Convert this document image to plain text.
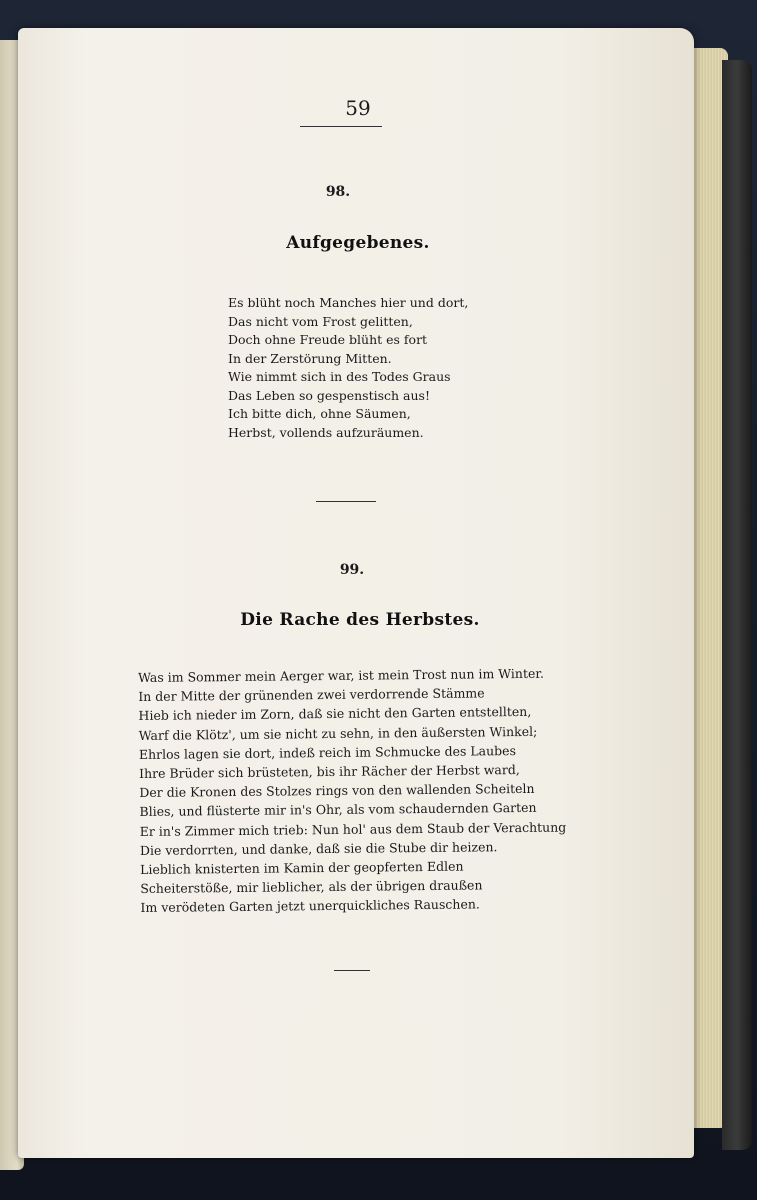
59
98.
Aufgegebenes.
Es blüht noch Manches hier und dort,
Das nicht vom Frost gelitten,
Doch ohne Freude blüht es fort
In der Zerstörung Mitten.
Wie nimmt sich in des Todes Graus
Das Leben so gespenstisch aus!
Ich bitte dich, ohne Säumen,
Herbst, vollends aufzuräumen.
99.
Die Rache des Herbstes.
Was im Sommer mein Aerger war, ist mein Trost nun im Winter.
In der Mitte der grünenden zwei verdorrende Stämme
Hieb ich nieder im Zorn, daß sie nicht den Garten entstellten,
Warf die Klötz', um sie nicht zu sehn, in den äußersten Winkel;
Ehrlos lagen sie dort, indeß reich im Schmucke des Laubes
Ihre Brüder sich brüsteten, bis ihr Rächer der Herbst ward,
Der die Kronen des Stolzes rings von den wallenden Scheiteln
Blies, und flüsterte mir in's Ohr, als vom schaudernden Garten
Er in's Zimmer mich trieb: Nun hol' aus dem Staub der Verachtung
Die verdorrten, und danke, daß sie die Stube dir heizen.
Lieblich knisterten im Kamin der geopferten Edlen
Scheiterstöße, mir lieblicher, als der übrigen draußen
Im verödeten Garten jetzt unerquickliches Rauschen.
